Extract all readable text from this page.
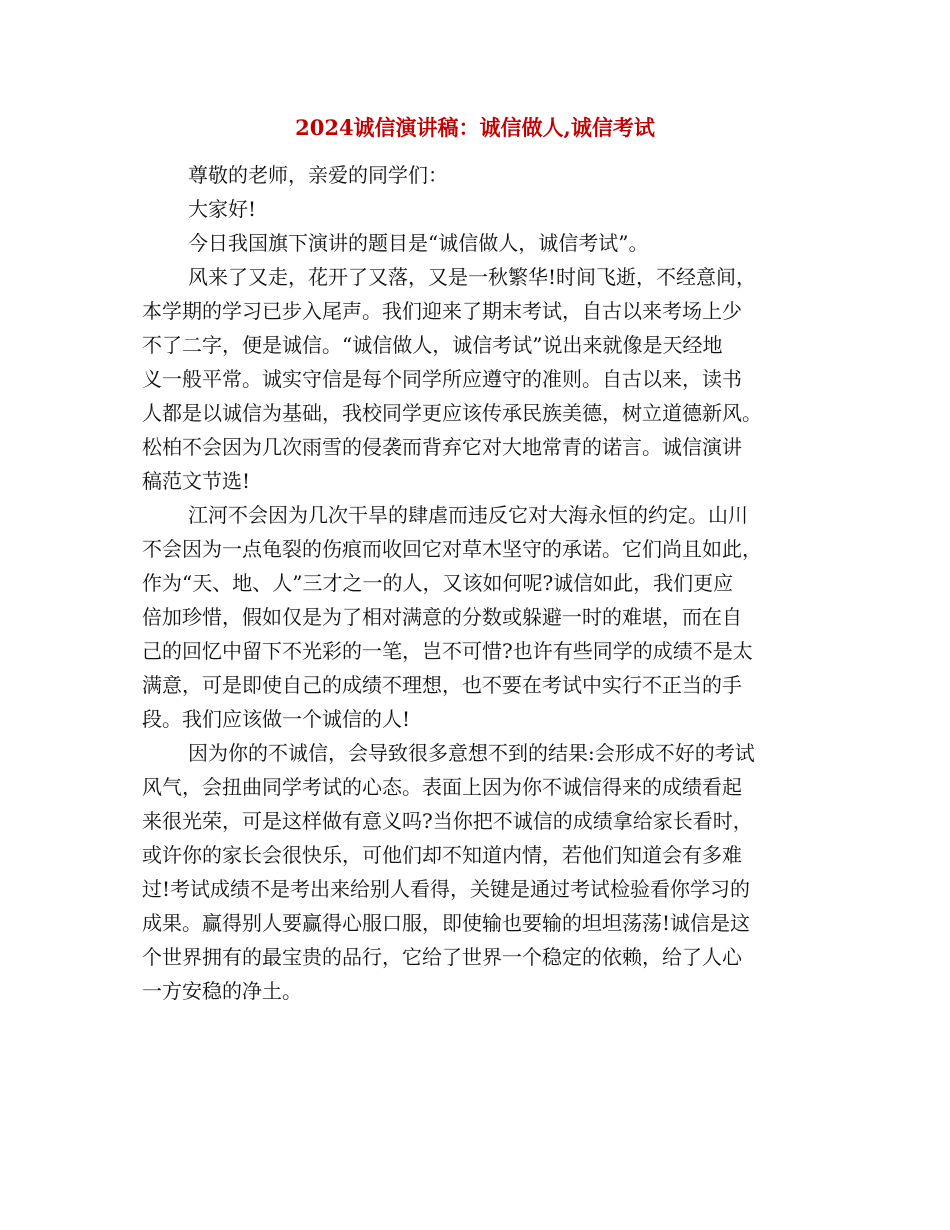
2024诚信演讲稿：诚信做人,诚信考试

尊敬的老师，亲爱的同学们：

大家好!

今日我国旗下演讲的题目是“诚信做人，诚信考试”。

风来了又走，花开了又落，又是一秋繁华!时间飞逝，不经意间，
本学期的学习已步入尾声。我们迎来了期末考试，自古以来考场上少
不了二字，便是诚信。“诚信做人，诚信考试”说出来就像是天经地
义一般平常。诚实守信是每个同学所应遵守的准则。自古以来，读书
人都是以诚信为基础，我校同学更应该传承民族美德，树立道德新风。
松柏不会因为几次雨雪的侵袭而背弃它对大地常青的诺言。诚信演讲
稿范文节选!

江河不会因为几次干旱的肆虐而违反它对大海永恒的约定。山川
不会因为一点龟裂的伤痕而收回它对草木坚守的承诺。它们尚且如此，
作为“天、地、人”三才之一的人，又该如何呢?诚信如此，我们更应
倍加珍惜，假如仅是为了相对满意的分数或躲避一时的难堪，而在自
己的回忆中留下不光彩的一笔，岂不可惜?也许有些同学的成绩不是太
满意，可是即使自己的成绩不理想，也不要在考试中实行不正当的手
段。我们应该做一个诚信的人!

因为你的不诚信，会导致很多意想不到的结果:会形成不好的考试
风气，会扭曲同学考试的心态。表面上因为你不诚信得来的成绩看起
来很光荣，可是这样做有意义吗?当你把不诚信的成绩拿给家长看时，
或许你的家长会很快乐，可他们却不知道内情，若他们知道会有多难
过!考试成绩不是考出来给别人看得，关键是通过考试检验看你学习的
成果。赢得别人要赢得心服口服，即使输也要输的坦坦荡荡!诚信是这
个世界拥有的最宝贵的品行，它给了世界一个稳定的依赖，给了人心
一方安稳的净土。
